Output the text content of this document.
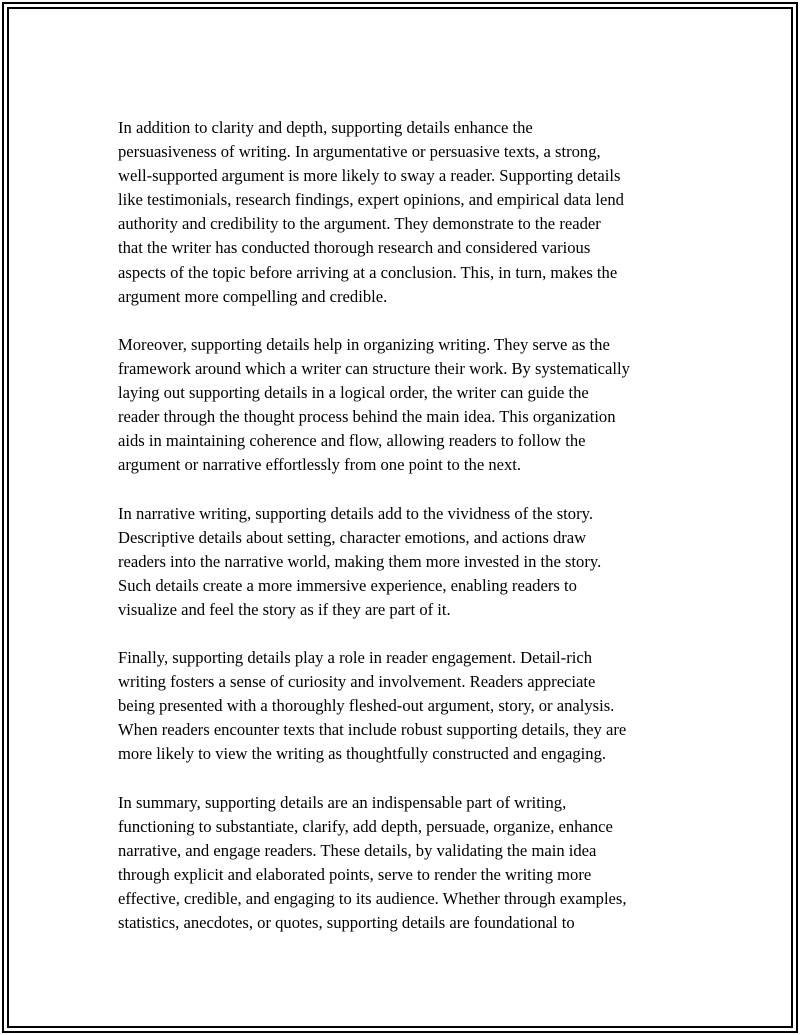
In addition to clarity and depth, supporting details enhance the
persuasiveness of writing. In argumentative or persuasive texts, a strong,
well-supported argument is more likely to sway a reader. Supporting details
like testimonials, research findings, expert opinions, and empirical data lend
authority and credibility to the argument. They demonstrate to the reader
that the writer has conducted thorough research and considered various
aspects of the topic before arriving at a conclusion. This, in turn, makes the
argument more compelling and credible.

Moreover, supporting details help in organizing writing. They serve as the
framework around which a writer can structure their work. By systematically
laying out supporting details in a logical order, the writer can guide the
reader through the thought process behind the main idea. This organization
aids in maintaining coherence and flow, allowing readers to follow the
argument or narrative effortlessly from one point to the next.

In narrative writing, supporting details add to the vividness of the story.
Descriptive details about setting, character emotions, and actions draw
readers into the narrative world, making them more invested in the story.
Such details create a more immersive experience, enabling readers to
visualize and feel the story as if they are part of it.

Finally, supporting details play a role in reader engagement. Detail-rich
writing fosters a sense of curiosity and involvement. Readers appreciate
being presented with a thoroughly fleshed-out argument, story, or analysis.
When readers encounter texts that include robust supporting details, they are
more likely to view the writing as thoughtfully constructed and engaging.

In summary, supporting details are an indispensable part of writing,
functioning to substantiate, clarify, add depth, persuade, organize, enhance
narrative, and engage readers. These details, by validating the main idea
through explicit and elaborated points, serve to render the writing more
effective, credible, and engaging to its audience. Whether through examples,
statistics, anecdotes, or quotes, supporting details are foundational to
